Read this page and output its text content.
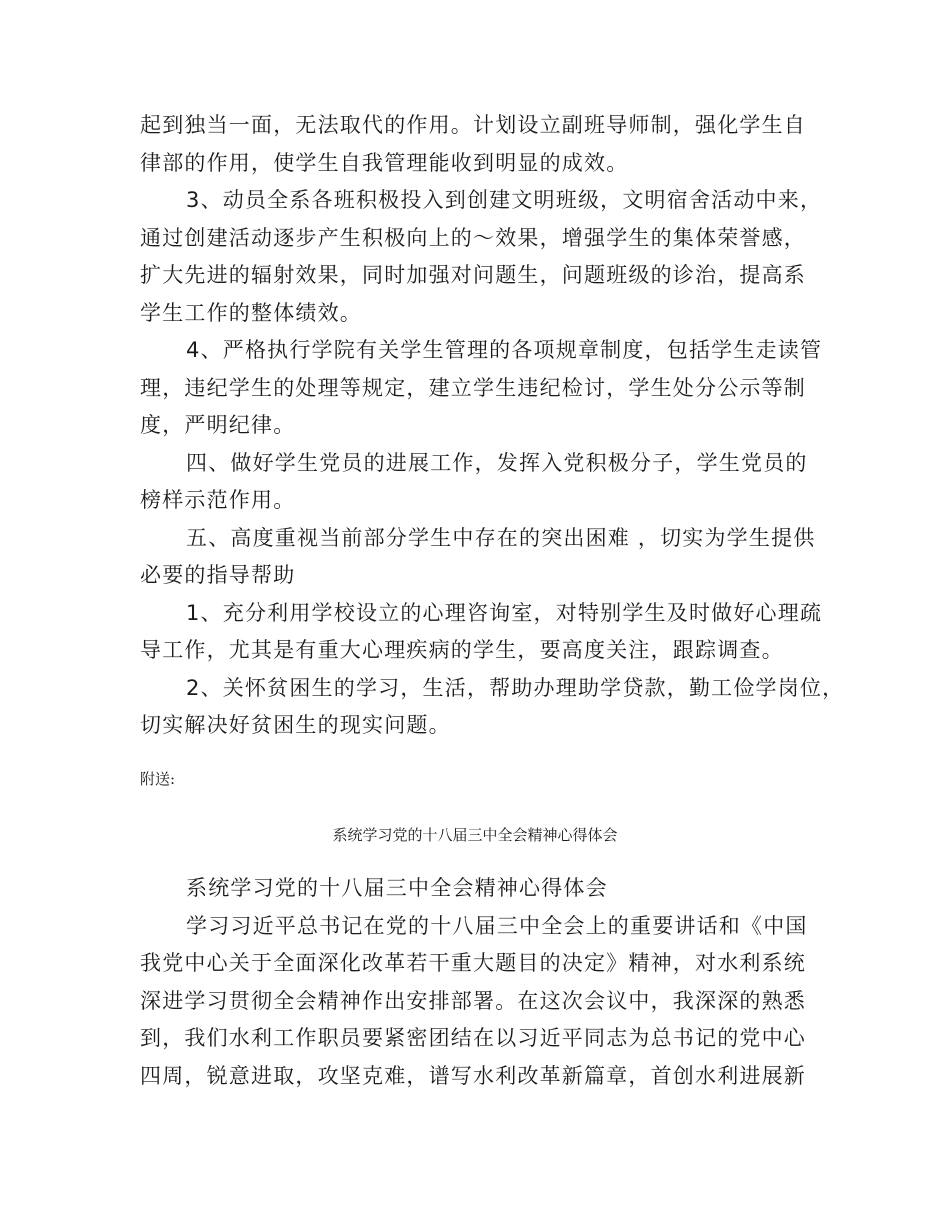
起到独当一面，无法取代的作用。计划设立副班导师制，强化学生自
律部的作用，使学生自我管理能收到明显的成效。
3、动员全系各班积极投入到创建文明班级，文明宿舍活动中来，
通过创建活动逐步产生积极向上的～效果，增强学生的集体荣誉感，
扩大先进的辐射效果，同时加强对问题生，问题班级的诊治，提高系
学生工作的整体绩效。
4、严格执行学院有关学生管理的各项规章制度，包括学生走读管
理，违纪学生的处理等规定，建立学生违纪检讨，学生处分公示等制
度，严明纪律。
四、做好学生党员的进展工作，发挥入党积极分子，学生党员的
榜样示范作用。
五、高度重视当前部分学生中存在的突出困难 ，切实为学生提供
必要的指导帮助
1、充分利用学校设立的心理咨询室，对特别学生及时做好心理疏
导工作，尤其是有重大心理疾病的学生，要高度关注，跟踪调查。
2、关怀贫困生的学习，生活，帮助办理助学贷款，勤工俭学岗位，
切实解决好贫困生的现实问题。
附送:
系统学习党的十八届三中全会精神心得体会
系统学习党的十八届三中全会精神心得体会
学习习近平总书记在党的十八届三中全会上的重要讲话和《中国
我党中心关于全面深化改革若干重大题目的决定》精神，对水利系统
深进学习贯彻全会精神作出安排部署。在这次会议中，我深深的熟悉
到，我们水利工作职员要紧密团结在以习近平同志为总书记的党中心
四周，锐意进取，攻坚克难，谱写水利改革新篇章，首创水利进展新
